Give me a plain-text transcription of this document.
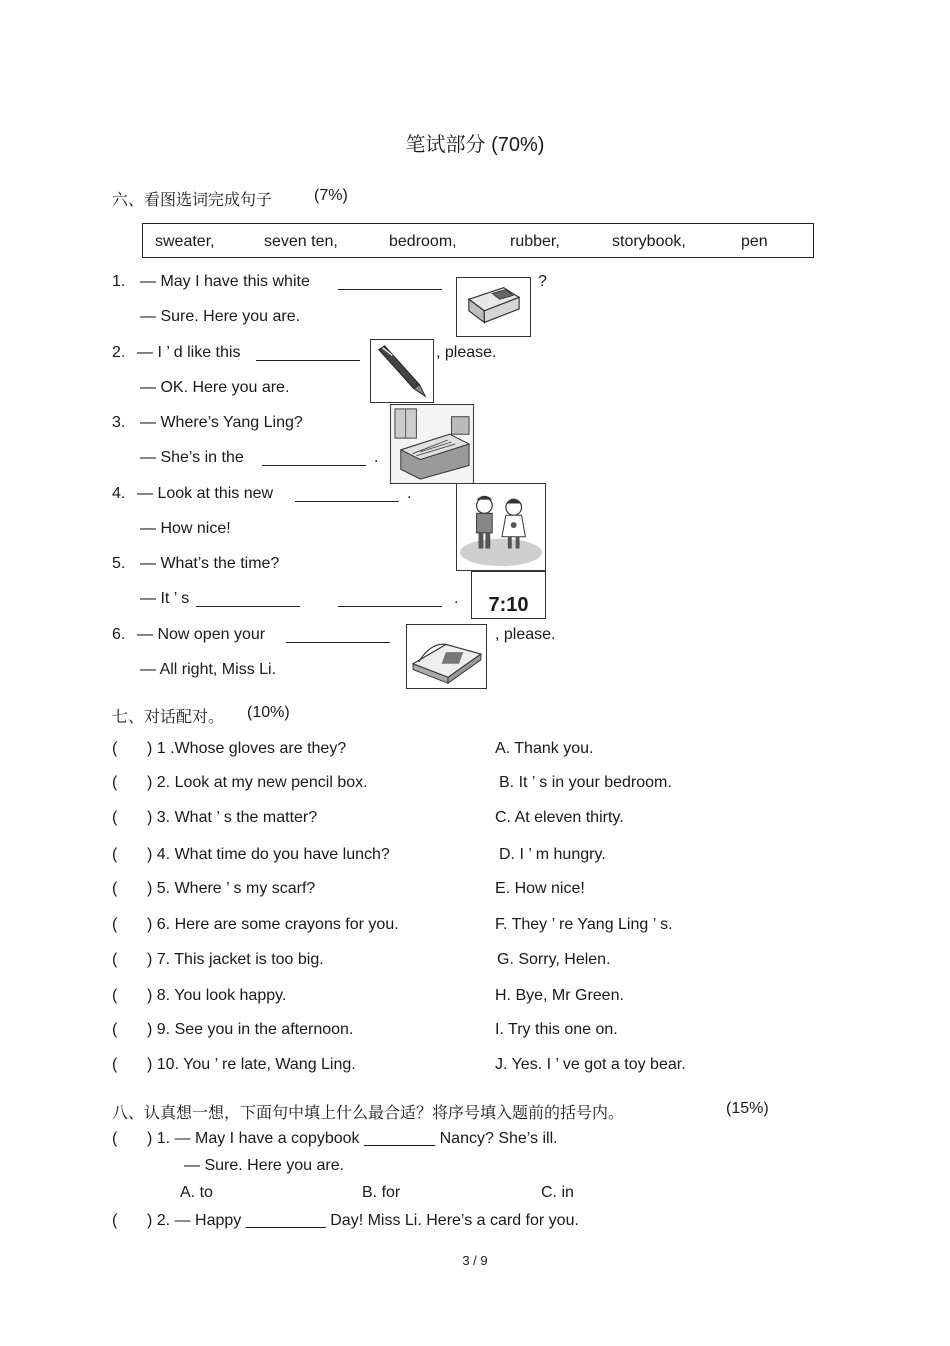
笔试部分 (70%)
六、看图选词完成句子	(7%)
sweater,	seven ten,	bedroom,	rubber,	storybook,	pen
1. — May I have this white	?
— Sure. Here you are.
2. — I ’ d like this	, please.
— OK. Here you are.
3. — Where’s Yang Ling?
— She’s in the	.
4. — Look at this new	.
— How nice!
5. — What’s the time?
— It ’ s	.	7:10
6. — Now open your	, please.
— All right, Miss Li.
七、对话配对。 (10%)
( ) 1 .Whose gloves are they?	A. Thank you.
( ) 2. Look at my new pencil box.	B. It ’ s in your bedroom.
( ) 3. What ’ s the matter?	C. At eleven thirty.
( ) 4. What time do you have lunch?	D. I ’ m hungry.
( ) 5. Where ’ s my scarf?	E. How nice!
( ) 6. Here are some crayons for you.	F. They ’ re Yang Ling ’ s.
( ) 7. This jacket is too big.	G. Sorry, Helen.
( ) 8. You look happy.	H. Bye, Mr Green.
( ) 9. See you in the afternoon.	I. Try this one on.
( ) 10. You ’ re late, Wang Ling.	J. Yes. I ’ ve got a toy bear.
八、认真想一想，下面句中填上什么最合适？将序号填入题前的括号内。	(15%)
( ) 1. — May I have a copybook ________ Nancy? She’s ill.
— Sure. Here you are.
A. to	B. for	C. in
( ) 2. — Happy _________ Day! Miss Li. Here’s a card for you.
3 / 9
